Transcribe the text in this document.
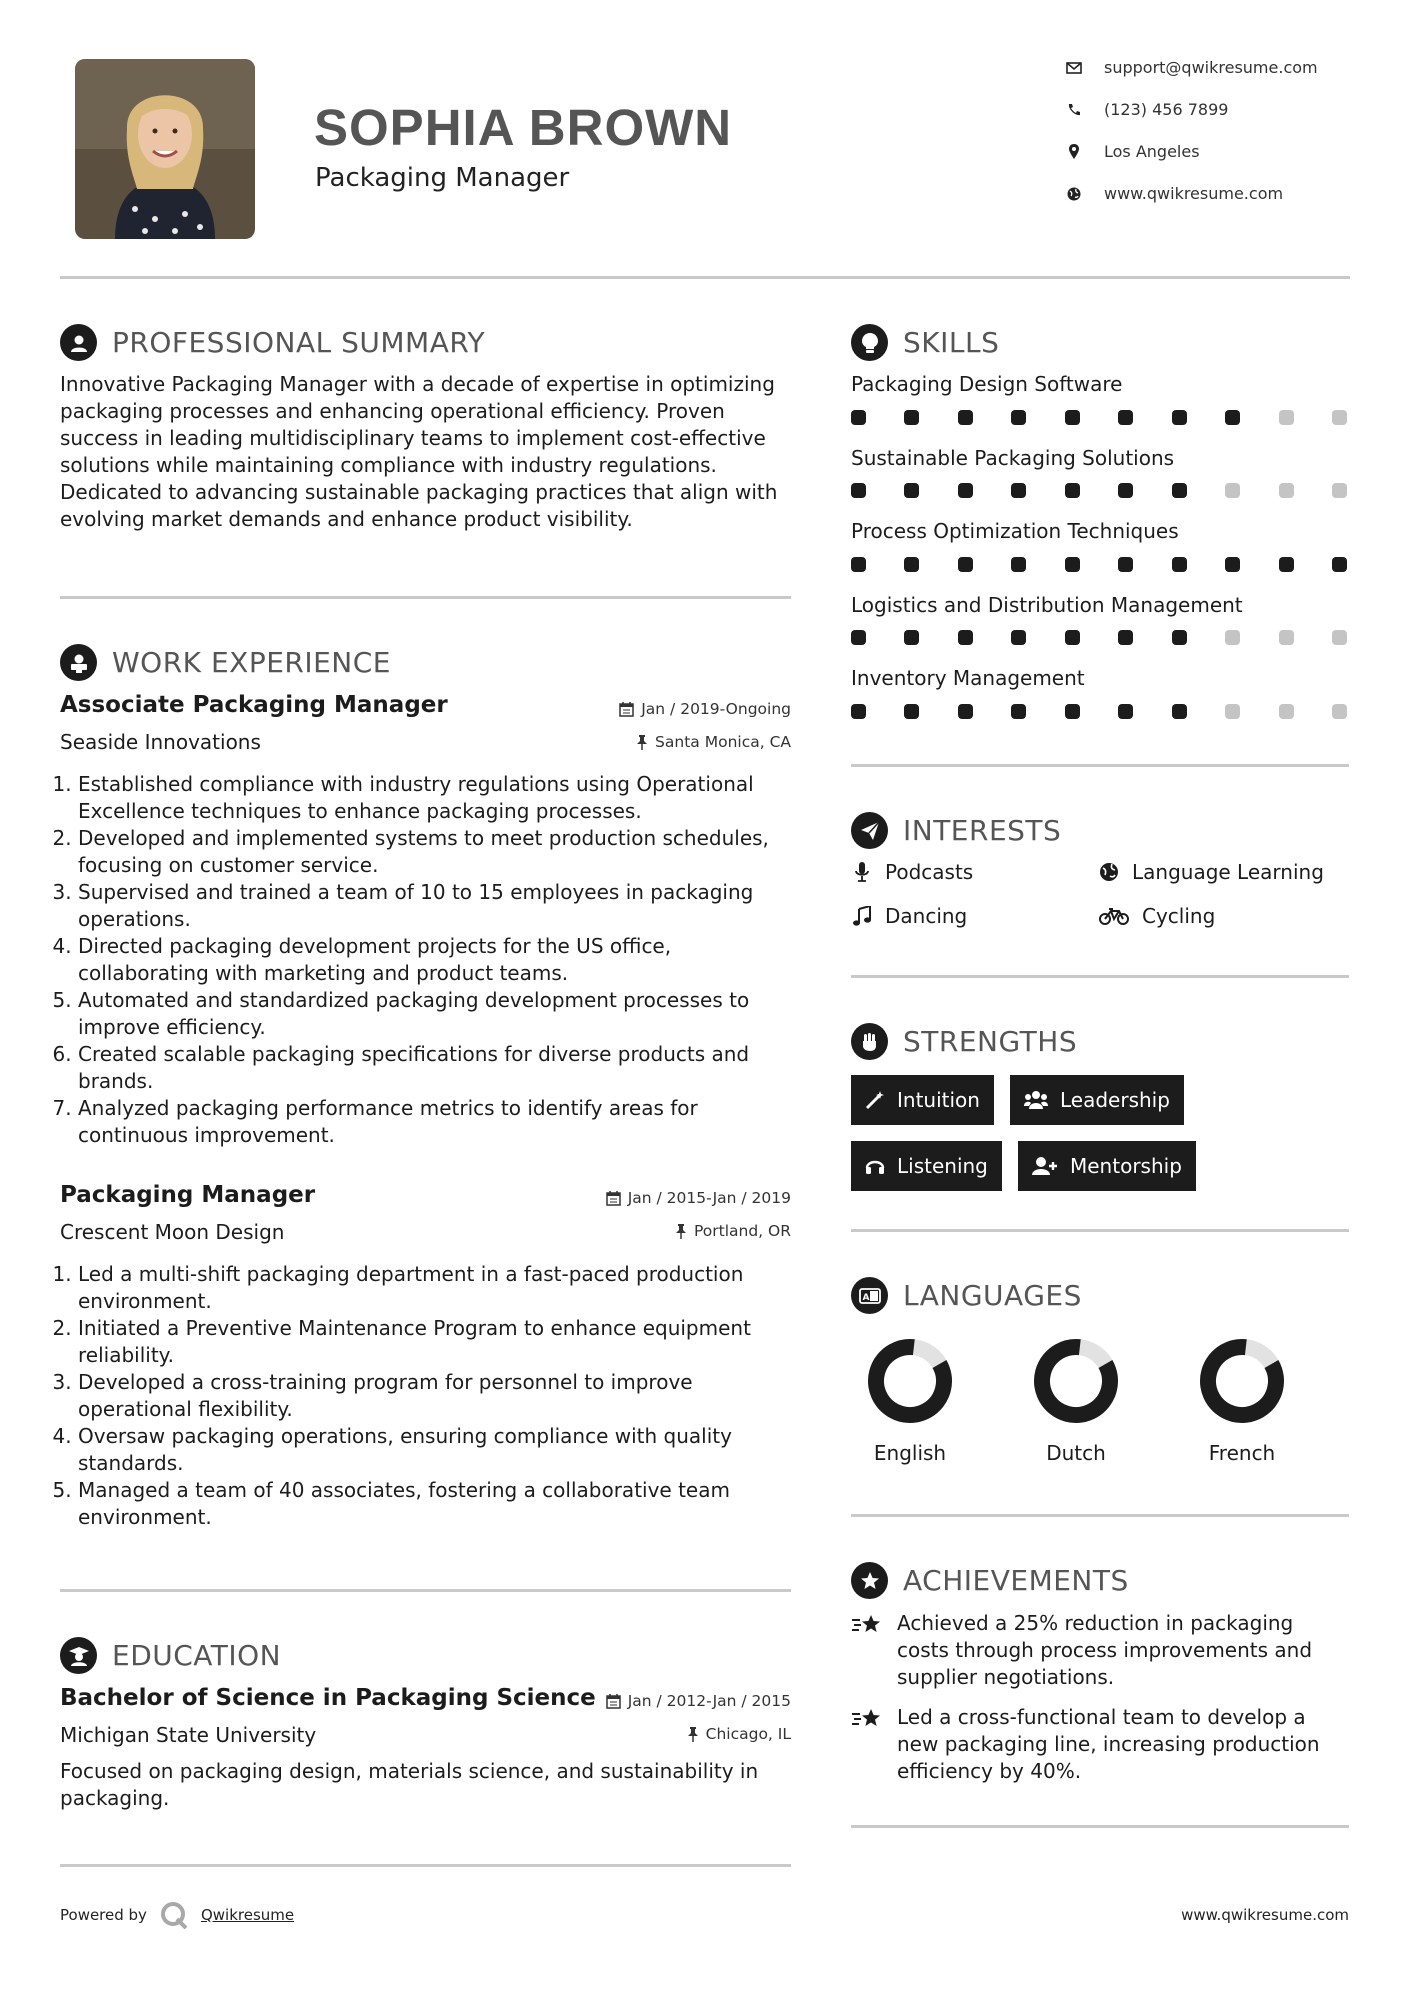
SOPHIA BROWN
Packaging Manager
support@qwikresume.com
(123) 456 7899
Los Angeles
www.qwikresume.com
PROFESSIONAL SUMMARY
Innovative Packaging Manager with a decade of expertise in optimizing packaging processes and enhancing operational efficiency. Proven success in leading multidisciplinary teams to implement cost-effective solutions while maintaining compliance with industry regulations. Dedicated to advancing sustainable packaging practices that align with evolving market demands and enhance product visibility.
WORK EXPERIENCE
Associate Packaging Manager	Jan / 2019-Ongoing
Seaside Innovations	Santa Monica, CA
1. Established compliance with industry regulations using Operational Excellence techniques to enhance packaging processes.
2. Developed and implemented systems to meet production schedules, focusing on customer service.
3. Supervised and trained a team of 10 to 15 employees in packaging operations.
4. Directed packaging development projects for the US office, collaborating with marketing and product teams.
5. Automated and standardized packaging development processes to improve efficiency.
6. Created scalable packaging specifications for diverse products and brands.
7. Analyzed packaging performance metrics to identify areas for continuous improvement.
Packaging Manager	Jan / 2015-Jan / 2019
Crescent Moon Design	Portland, OR
1. Led a multi-shift packaging department in a fast-paced production environment.
2. Initiated a Preventive Maintenance Program to enhance equipment reliability.
3. Developed a cross-training program for personnel to improve operational flexibility.
4. Oversaw packaging operations, ensuring compliance with quality standards.
5. Managed a team of 40 associates, fostering a collaborative team environment.
EDUCATION
Bachelor of Science in Packaging Science Jan / 2012-Jan / 2015
Michigan State University	Chicago, IL
Focused on packaging design, materials science, and sustainability in packaging.
SKILLS
Packaging Design Software
Sustainable Packaging Solutions
Process Optimization Techniques
Logistics and Distribution Management
Inventory Management
INTERESTS
Podcasts	Language Learning
Dancing	Cycling
STRENGTHS
Intuition	Leadership
Listening	Mentorship
A LANGUAGES
English	Dutch	French
ACHIEVEMENTS
Achieved a 25% reduction in packaging costs through process improvements and supplier negotiations.
Led a cross-functional team to develop a new packaging line, increasing production efficiency by 40%.
Powered by	Qwikresume	www.qwikresume.com
